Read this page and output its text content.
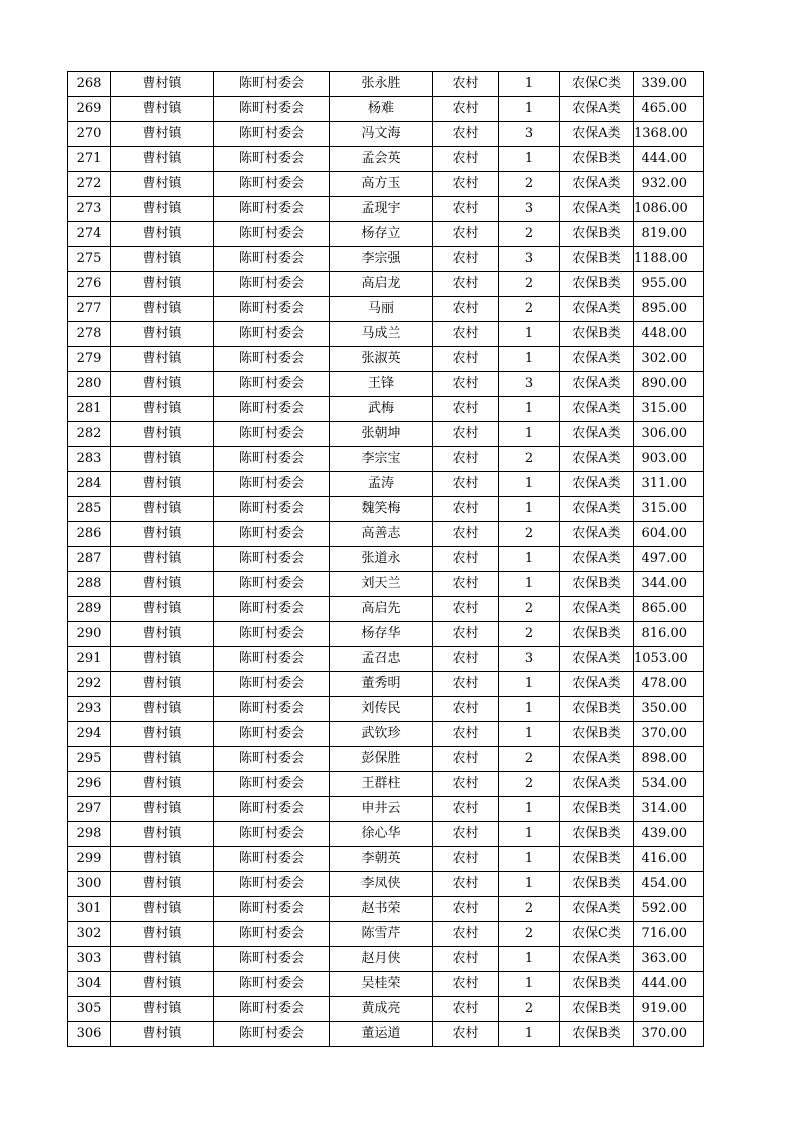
268	曹村镇	陈町村委会	张永胜	农村	1	农保C类	339.00
269	曹村镇	陈町村委会	杨难	农村	1	农保A类	465.00
270	曹村镇	陈町村委会	冯文海	农村	3	农保A类	1368.00
271	曹村镇	陈町村委会	孟会英	农村	1	农保B类	444.00
272	曹村镇	陈町村委会	高方玉	农村	2	农保A类	932.00
273	曹村镇	陈町村委会	孟现宇	农村	3	农保A类	1086.00
274	曹村镇	陈町村委会	杨存立	农村	2	农保B类	819.00
275	曹村镇	陈町村委会	李宗强	农村	3	农保B类	1188.00
276	曹村镇	陈町村委会	高启龙	农村	2	农保B类	955.00
277	曹村镇	陈町村委会	马丽	农村	2	农保A类	895.00
278	曹村镇	陈町村委会	马成兰	农村	1	农保B类	448.00
279	曹村镇	陈町村委会	张淑英	农村	1	农保A类	302.00
280	曹村镇	陈町村委会	王锋	农村	3	农保A类	890.00
281	曹村镇	陈町村委会	武梅	农村	1	农保A类	315.00
282	曹村镇	陈町村委会	张朝坤	农村	1	农保A类	306.00
283	曹村镇	陈町村委会	李宗宝	农村	2	农保A类	903.00
284	曹村镇	陈町村委会	孟涛	农村	1	农保A类	311.00
285	曹村镇	陈町村委会	魏笑梅	农村	1	农保A类	315.00
286	曹村镇	陈町村委会	高善志	农村	2	农保A类	604.00
287	曹村镇	陈町村委会	张道永	农村	1	农保A类	497.00
288	曹村镇	陈町村委会	刘天兰	农村	1	农保B类	344.00
289	曹村镇	陈町村委会	高启先	农村	2	农保A类	865.00
290	曹村镇	陈町村委会	杨存华	农村	2	农保B类	816.00
291	曹村镇	陈町村委会	孟召忠	农村	3	农保A类	1053.00
292	曹村镇	陈町村委会	董秀明	农村	1	农保A类	478.00
293	曹村镇	陈町村委会	刘传民	农村	1	农保B类	350.00
294	曹村镇	陈町村委会	武钦珍	农村	1	农保B类	370.00
295	曹村镇	陈町村委会	彭保胜	农村	2	农保A类	898.00
296	曹村镇	陈町村委会	王群柱	农村	2	农保A类	534.00
297	曹村镇	陈町村委会	申井云	农村	1	农保B类	314.00
298	曹村镇	陈町村委会	徐心华	农村	1	农保B类	439.00
299	曹村镇	陈町村委会	李朝英	农村	1	农保B类	416.00
300	曹村镇	陈町村委会	李凤侠	农村	1	农保B类	454.00
301	曹村镇	陈町村委会	赵书荣	农村	2	农保A类	592.00
302	曹村镇	陈町村委会	陈雪芹	农村	2	农保C类	716.00
303	曹村镇	陈町村委会	赵月侠	农村	1	农保A类	363.00
304	曹村镇	陈町村委会	吴桂荣	农村	1	农保B类	444.00
305	曹村镇	陈町村委会	黄成亮	农村	2	农保B类	919.00
306	曹村镇	陈町村委会	董运道	农村	1	农保B类	370.00
